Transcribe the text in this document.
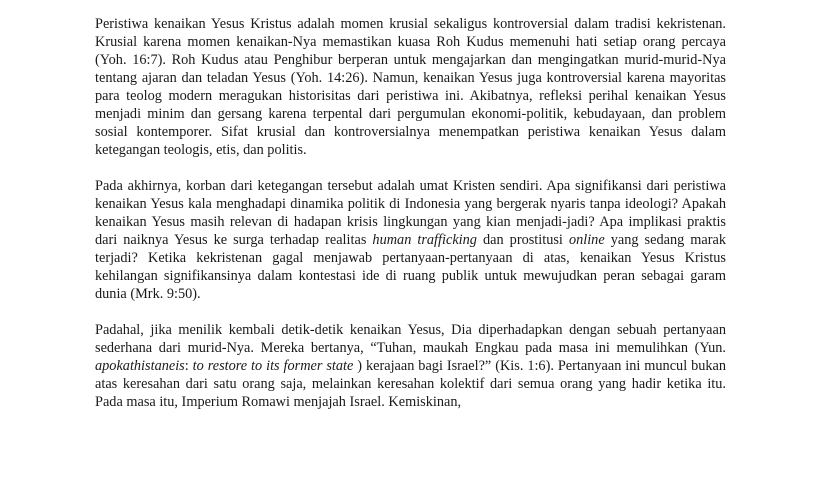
Peristiwa kenaikan Yesus Kristus adalah momen krusial sekaligus kontroversial dalam tradisi kekristenan. Krusial karena momen kenaikan-Nya memastikan kuasa Roh Kudus memenuhi hati setiap orang percaya (Yoh. 16:7). Roh Kudus atau Penghibur berperan untuk mengajarkan dan mengingatkan murid-murid-Nya tentang ajaran dan teladan Yesus (Yoh. 14:26). Namun, kenaikan Yesus juga kontroversial karena mayoritas para teolog modern meragukan historisitas dari peristiwa ini. Akibatnya, refleksi perihal kenaikan Yesus menjadi minim dan gersang karena terpental dari pergumulan ekonomi-politik, kebudayaan, dan problem sosial kontemporer. Sifat krusial dan kontroversialnya menempatkan peristiwa kenaikan Yesus dalam ketegangan teologis, etis, dan politis.

Pada akhirnya, korban dari ketegangan tersebut adalah umat Kristen sendiri. Apa signifikansi dari peristiwa kenaikan Yesus kala menghadapi dinamika politik di Indonesia yang bergerak nyaris tanpa ideologi? Apakah kenaikan Yesus masih relevan di hadapan krisis lingkungan yang kian menjadi-jadi? Apa implikasi praktis dari naiknya Yesus ke surga terhadap realitas human trafficking dan prostitusi online yang sedang marak terjadi? Ketika kekristenan gagal menjawab pertanyaan-pertanyaan di atas, kenaikan Yesus Kristus kehilangan signifikansinya dalam kontestasi ide di ruang publik untuk mewujudkan peran sebagai garam dunia (Mrk. 9:50).

Padahal, jika menilik kembali detik-detik kenaikan Yesus, Dia diperhadapkan dengan sebuah pertanyaan sederhana dari murid-Nya. Mereka bertanya, “Tuhan, maukah Engkau pada masa ini memulihkan (Yun. apokathistaneis: to restore to its former state ) kerajaan bagi Israel?” (Kis. 1:6). Pertanyaan ini muncul bukan atas keresahan dari satu orang saja, melainkan keresahan kolektif dari semua orang yang hadir ketika itu. Pada masa itu, Imperium Romawi menjajah Israel. Kemiskinan,
